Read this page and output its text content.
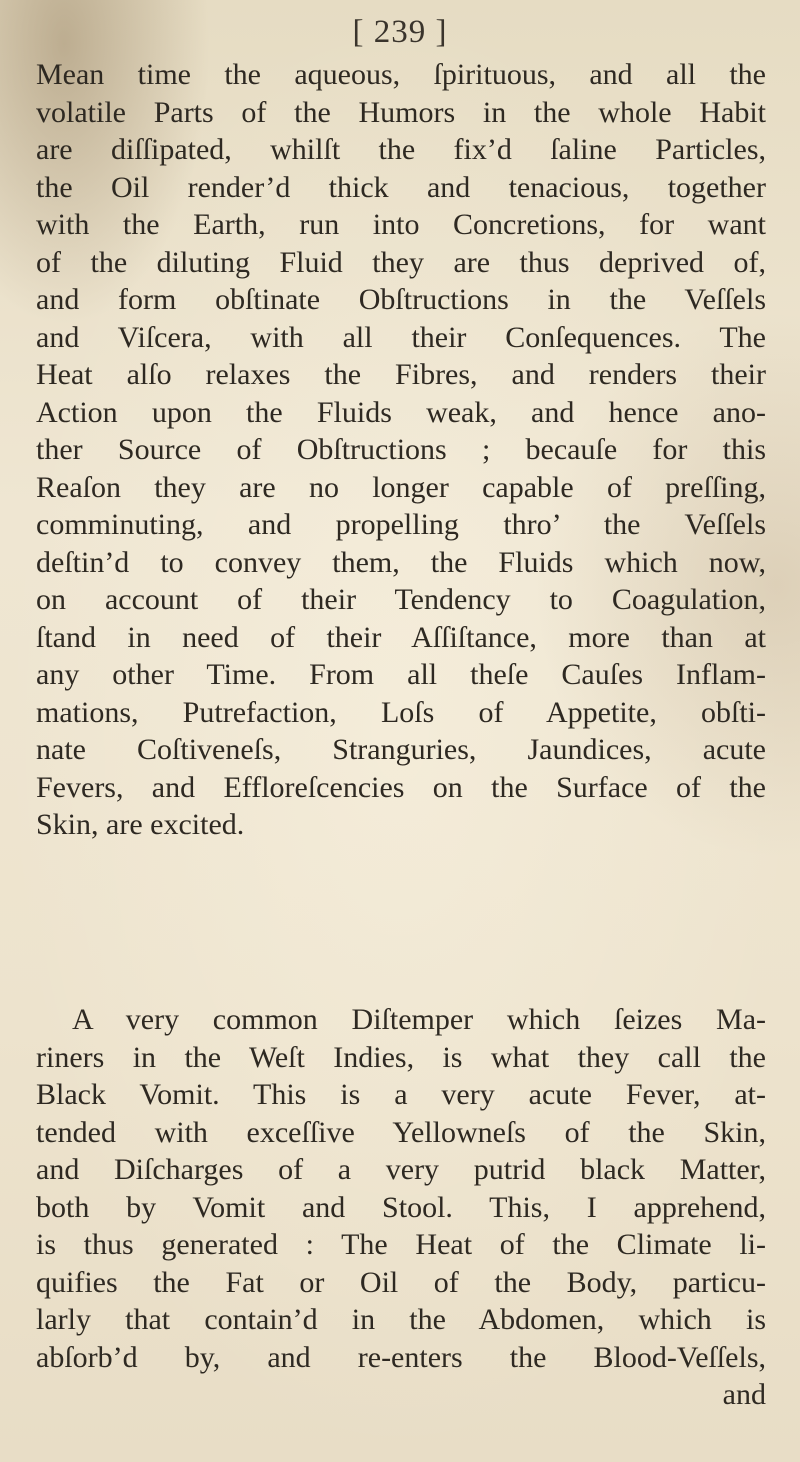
[ 239 ]
Mean time the aqueous, ſpirituous, and all the
volatile Parts of the Humors in the whole Habit
are diſſipated, whilſt the fix’d ſaline Particles,
the Oil render’d thick and tenacious, together
with the Earth, run into Concretions, for want
of the diluting Fluid they are thus deprived of,
and form obſtinate Obſtructions in the Veſſels
and Viſcera, with all their Conſequences. The
Heat alſo relaxes the Fibres, and renders their
Action upon the Fluids weak, and hence ano-
ther Source of Obſtructions ; becauſe for this
Reaſon they are no longer capable of preſſing,
comminuting, and propelling thro’ the Veſſels
deſtin’d to convey them, the Fluids which now,
on account of their Tendency to Coagulation,
ſtand in need of their Aſſiſtance, more than at
any other Time. From all theſe Cauſes Inflam-
mations, Putrefaction, Loſs of Appetite, obſti-
nate Coſtiveneſs, Stranguries, Jaundices, acute
Fevers, and Efflorеſcencies on the Surface of the
Skin, are excited.
A very common Diſtemper which ſeizes Ma-
riners in the Weſt Indies, is what they call the
Black Vomit. This is a very acute Fever, at-
tended with exceſſive Yellowneſs of the Skin,
and Diſcharges of a very putrid black Matter,
both by Vomit and Stool. This, I apprehend,
is thus generated : The Heat of the Climate li-
quifies the Fat or Oil of the Body, particu-
larly that contain’d in the Abdomen, which is
abſorb’d by, and re-enters the Blood-Veſſels,
and
